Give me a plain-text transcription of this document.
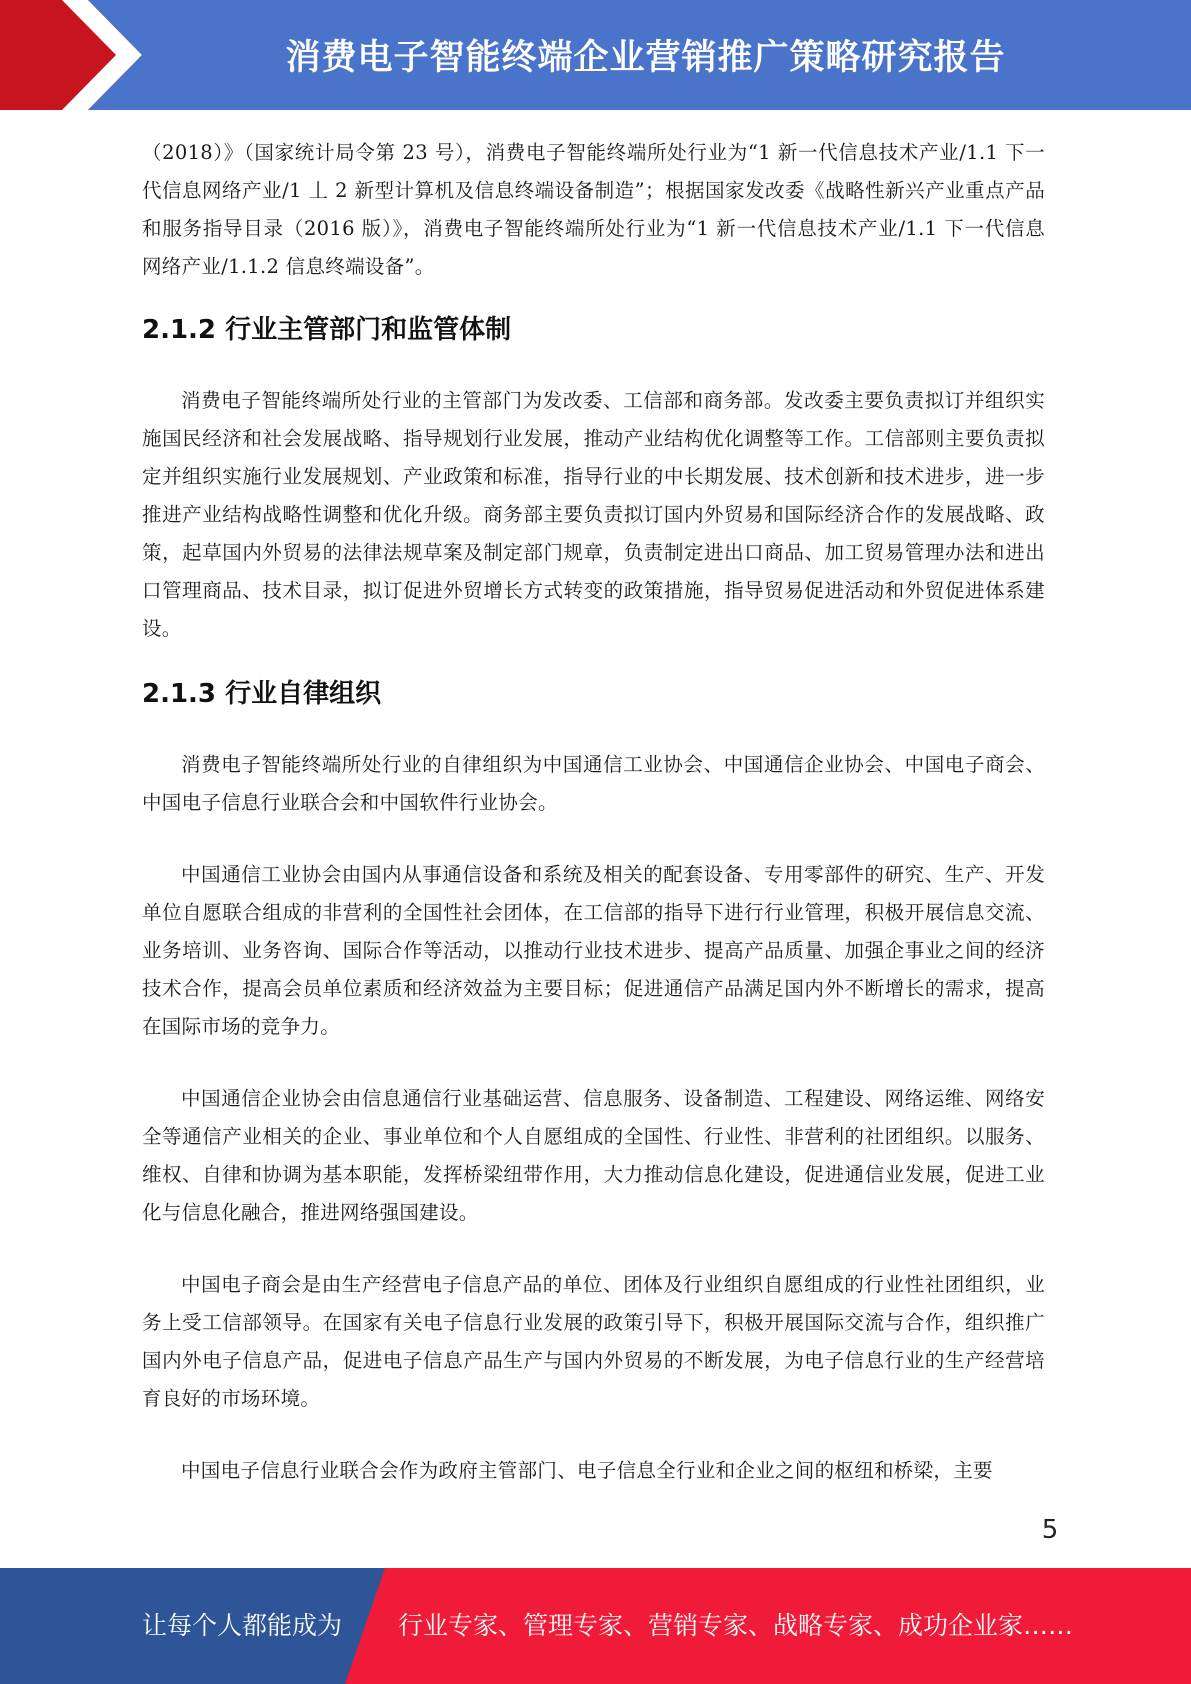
消费电子智能终端企业营销推广策略研究报告

（2018）》（国家统计局令第 23 号），消费电子智能终端所处行业为“1 新一代信息技术产业/1.1 下一代信息网络产业/1 丄 2 新型计算机及信息终端设备制造”；根据国家发改委《战略性新兴产业重点产品和服务指导目录（2016 版）》，消费电子智能终端所处行业为“1 新一代信息技术产业/1.1 下一代信息网络产业/1.1.2 信息终端设备”。

2.1.2 行业主管部门和监管体制

消费电子智能终端所处行业的主管部门为发改委、工信部和商务部。发改委主要负责拟订并组织实施国民经济和社会发展战略、指导规划行业发展，推动产业结构优化调整等工作。工信部则主要负责拟定并组织实施行业发展规划、产业政策和标准，指导行业的中长期发展、技术创新和技术进步，进一步推进产业结构战略性调整和优化升级。商务部主要负责拟订国内外贸易和国际经济合作的发展战略、政策，起草国内外贸易的法律法规草案及制定部门规章，负责制定进出口商品、加工贸易管理办法和进出口管理商品、技术目录，拟订促进外贸增长方式转变的政策措施，指导贸易促进活动和外贸促进体系建设。

2.1.3 行业自律组织

消费电子智能终端所处行业的自律组织为中国通信工业协会、中国通信企业协会、中国电子商会、中国电子信息行业联合会和中国软件行业协会。

中国通信工业协会由国内从事通信设备和系统及相关的配套设备、专用零部件的研究、生产、开发单位自愿联合组成的非营利的全国性社会团体，在工信部的指导下进行行业管理，积极开展信息交流、业务培训、业务咨询、国际合作等活动，以推动行业技术进步、提高产品质量、加强企事业之间的经济技术合作，提高会员单位素质和经济效益为主要目标；促进通信产品满足国内外不断增长的需求，提高在国际市场的竞争力。

中国通信企业协会由信息通信行业基础运营、信息服务、设备制造、工程建设、网络运维、网络安全等通信产业相关的企业、事业单位和个人自愿组成的全国性、行业性、非营利的社团组织。以服务、维权、自律和协调为基本职能，发挥桥梁纽带作用，大力推动信息化建设，促进通信业发展，促进工业化与信息化融合，推进网络强国建设。

中国电子商会是由生产经营电子信息产品的单位、团体及行业组织自愿组成的行业性社团组织，业务上受工信部领导。在国家有关电子信息行业发展的政策引导下，积极开展国际交流与合作，组织推广国内外电子信息产品，促进电子信息产品生产与国内外贸易的不断发展，为电子信息行业的生产经营培育良好的市场环境。

中国电子信息行业联合会作为政府主管部门、电子信息全行业和企业之间的枢纽和桥梁，主要

5
让每个人都能成为 行业专家、管理专家、营销专家、战略专家、成功企业家……
